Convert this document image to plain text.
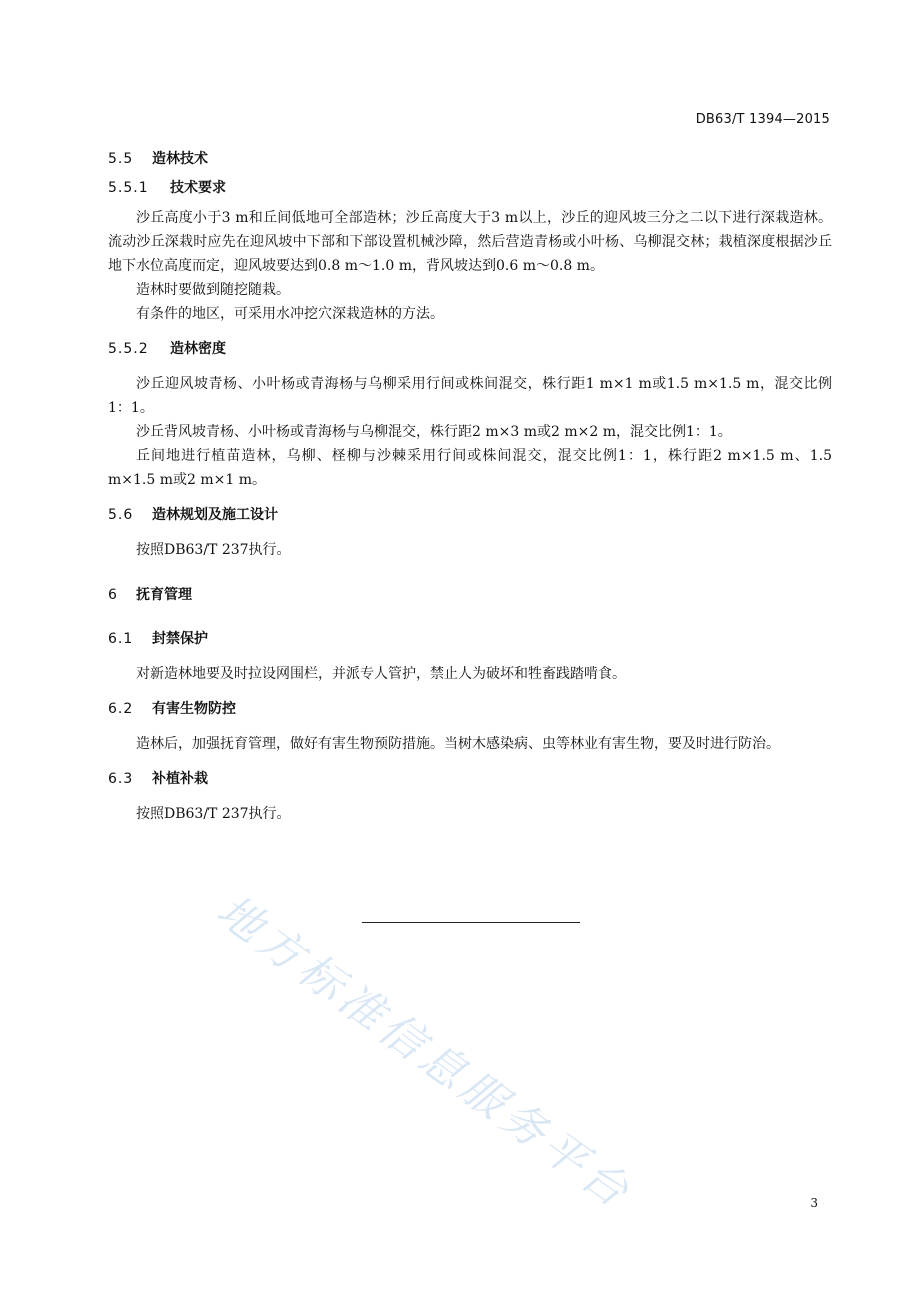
DB63/T 1394—2015
5.5 造林技术
5.5.1 技术要求

沙丘高度小于3 m和丘间低地可全部造林；沙丘高度大于3 m以上，沙丘的迎风坡三分之二以下进行深栽造林。流动沙丘深栽时应先在迎风坡中下部和下部设置机械沙障，然后营造青杨或小叶杨、乌柳混交林；栽植深度根据沙丘地下水位高度而定，迎风坡要达到0.8 m～1.0 m，背风坡达到0.6 m～0.8 m。

造林时要做到随挖随栽。

有条件的地区，可采用水冲挖穴深栽造林的方法。

5.5.2 造林密度

沙丘迎风坡青杨、小叶杨或青海杨与乌柳采用行间或株间混交，株行距1 m×1 m或1.5 m×1.5 m，混交比例1：1。

沙丘背风坡青杨、小叶杨或青海杨与乌柳混交，株行距2 m×3 m或2 m×2 m，混交比例1：1。

丘间地进行植苗造林，乌柳、柽柳与沙棘采用行间或株间混交，混交比例1：1，株行距2 m×1.5 m、1.5 m×1.5 m或2 m×1 m。

5.6 造林规划及施工设计

按照DB63/T 237执行。

6 抚育管理
6.1 封禁保护

对新造林地要及时拉设网围栏，并派专人管护，禁止人为破坏和牲畜践踏啃食。

6.2 有害生物防控

造林后，加强抚育管理，做好有害生物预防措施。当树木感染病、虫等林业有害生物，要及时进行防治。

6.3 补植补栽

按照DB63/T 237执行。

地方标准信息服务平台	3
